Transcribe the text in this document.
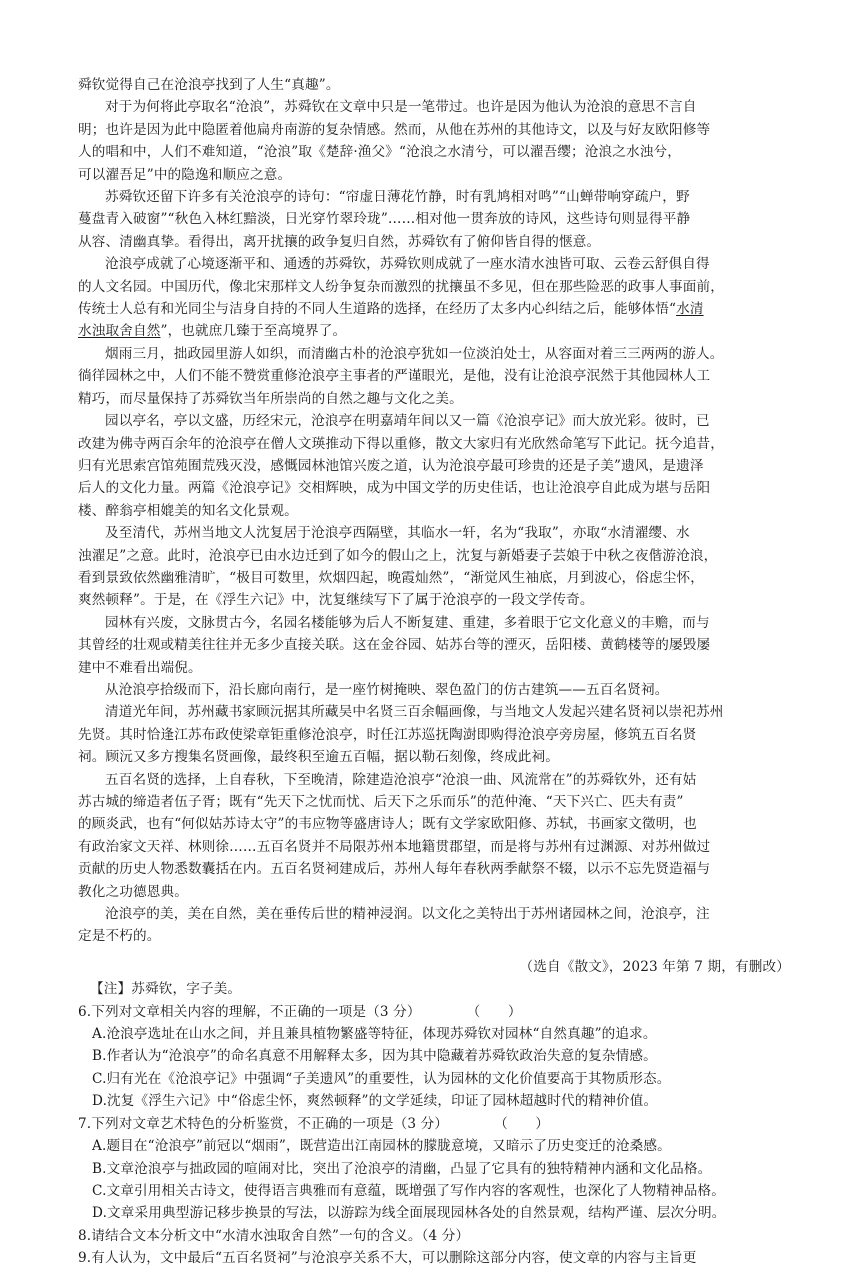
舜钦觉得自己在沧浪亭找到了人生“真趣”。
对于为何将此亭取名“沧浪”，苏舜钦在文章中只是一笔带过。也许是因为他认为沧浪的意思不言自
明；也许是因为此中隐匿着他扁舟南游的复杂情感。然而，从他在苏州的其他诗文，以及与好友欧阳修等
人的唱和中，人们不难知道，“沧浪”取《楚辞·渔父》“沧浪之水清兮，可以濯吾缨；沧浪之水浊兮，
可以濯吾足”中的隐逸和顺应之意。
苏舜钦还留下许多有关沧浪亭的诗句：“帘虚日薄花竹静，时有乳鸠相对鸣”“山蝉带响穿疏户，野
蔓盘青入破窗”“秋色入林红黯淡，日光穿竹翠玲珑”……相对他一贯奔放的诗风，这些诗句则显得平静
从容、清幽真挚。看得出，离开扰攘的政争复归自然，苏舜钦有了俯仰皆自得的惬意。
沧浪亭成就了心境逐渐平和、通透的苏舜钦，苏舜钦则成就了一座水清水浊皆可取、云卷云舒俱自得
的人文名园。中国历代，像北宋那样文人纷争复杂而激烈的扰攘虽不多见，但在那些险恶的政事人事面前，
传统士人总有和光同尘与洁身自持的不同人生道路的选择，在经历了太多内心纠结之后，能够体悟“水清
水浊取舍自然”，也就庶几臻于至高境界了。
烟雨三月，拙政园里游人如织，而清幽古朴的沧浪亭犹如一位淡泊处士，从容面对着三三两两的游人。
徜徉园林之中，人们不能不赞赏重修沧浪亭主事者的严谨眼光，是他，没有让沧浪亭泯然于其他园林人工
精巧，而尽量保持了苏舜钦当年所崇尚的自然之趣与文化之美。
园以亭名，亭以文盛，历经宋元，沧浪亭在明嘉靖年间以又一篇《沧浪亭记》而大放光彩。彼时，已
改建为佛寺两百余年的沧浪亭在僧人文瑛推动下得以重修，散文大家归有光欣然命笔写下此记。抚今追昔，
归有光思索宫馆苑囿荒残灭没，感慨园林池馆兴废之道，认为沧浪亭最可珍贵的还是子美”遗风，是遗泽
后人的文化力量。两篇《沧浪亭记》交相辉映，成为中国文学的历史佳话，也让沧浪亭自此成为堪与岳阳
楼、醉翁亭相媲美的知名文化景观。
及至清代，苏州当地文人沈复居于沧浪亭西隔壁，其临水一轩，名为“我取”，亦取“水清濯缨、水
浊濯足”之意。此时，沧浪亭已由水边迁到了如今的假山之上，沈复与新婚妻子芸娘于中秋之夜偕游沧浪，
看到景致依然幽雅清旷，“极目可数里，炊烟四起，晚霞灿然”，“渐觉风生袖底，月到波心，俗虑尘怀，
爽然顿释”。于是，在《浮生六记》中，沈复继续写下了属于沧浪亭的一段文学传奇。
园林有兴废，文脉贯古今，名园名楼能够为后人不断复建、重建，多着眼于它文化意义的丰赡，而与
其曾经的壮观或精美往往并无多少直接关联。这在金谷园、姑苏台等的湮灭，岳阳楼、黄鹤楼等的屡毁屡
建中不难看出端倪。
从沧浪亭拾级而下，沿长廊向南行，是一座竹树掩映、翠色盈门的仿古建筑——五百名贤祠。
清道光年间，苏州藏书家顾沅据其所藏吴中名贤三百余幅画像，与当地文人发起兴建名贤祠以崇祀苏州
先贤。其时恰逢江苏布政使梁章钜重修沧浪亭，时任江苏巡抚陶澍即购得沧浪亭旁房屋，修筑五百名贤
祠。顾沅又多方搜集名贤画像，最终积至逾五百幅，据以勒石刻像，终成此祠。
五百名贤的选择，上自春秋，下至晚清，除建造沧浪亭“沧浪一曲、风流常在”的苏舜钦外，还有姑
苏古城的缔造者伍子胥；既有“先天下之忧而忧、后天下之乐而乐”的范仲淹、“天下兴亡、匹夫有责”
的顾炎武，也有“何似姑苏诗太守”的韦应物等盛唐诗人；既有文学家欧阳修、苏轼，书画家文徵明，也
有政治家文天祥、林则徐……五百名贤并不局限苏州本地籍贯郡望，而是将与苏州有过渊源、对苏州做过
贡献的历史人物悉数囊括在内。五百名贤祠建成后，苏州人每年春秋两季献祭不辍，以示不忘先贤造福与
教化之功德恩典。
沧浪亭的美，美在自然，美在垂传后世的精神浸润。以文化之美特出于苏州诸园林之间，沧浪亭，注
定是不朽的。
（选自《散文》，2023 年第 7 期，有删改）
【注】苏舜钦，字子美。
6.下列对文章相关内容的理解，不正确的一项是（3 分）	（　　）
A.沧浪亭选址在山水之间，并且兼具植物繁盛等特征，体现苏舜钦对园林“自然真趣”的追求。
B.作者认为“沧浪亭”的命名真意不用解释太多，因为其中隐藏着苏舜钦政治失意的复杂情感。
C.归有光在《沧浪亭记》中强调“子美遗风”的重要性，认为园林的文化价值要高于其物质形态。
D.沈复《浮生六记》中“俗虑尘怀，爽然顿释”的文学延续，印证了园林超越时代的精神价值。
7.下列对文章艺术特色的分析鉴赏，不正确的一项是（3 分）	（　　）
A.题目在“沧浪亭”前冠以“烟雨”，既营造出江南园林的朦胧意境，又暗示了历史变迁的沧桑感。
B.文章沧浪亭与拙政园的喧闹对比，突出了沧浪亭的清幽，凸显了它具有的独特精神内涵和文化品格。
C.文章引用相关古诗文，使得语言典雅而有意蕴，既增强了写作内容的客观性，也深化了人物精神品格。
D.文章采用典型游记移步换景的写法，以游踪为线全面展现园林各处的自然景观，结构严谨、层次分明。
8.请结合文本分析文中“水清水浊取舍自然”一句的含义。（4 分）
9.有人认为，文中最后“五百名贤祠”与沧浪亭关系不大，可以删除这部分内容，使文章的内容与主旨更
